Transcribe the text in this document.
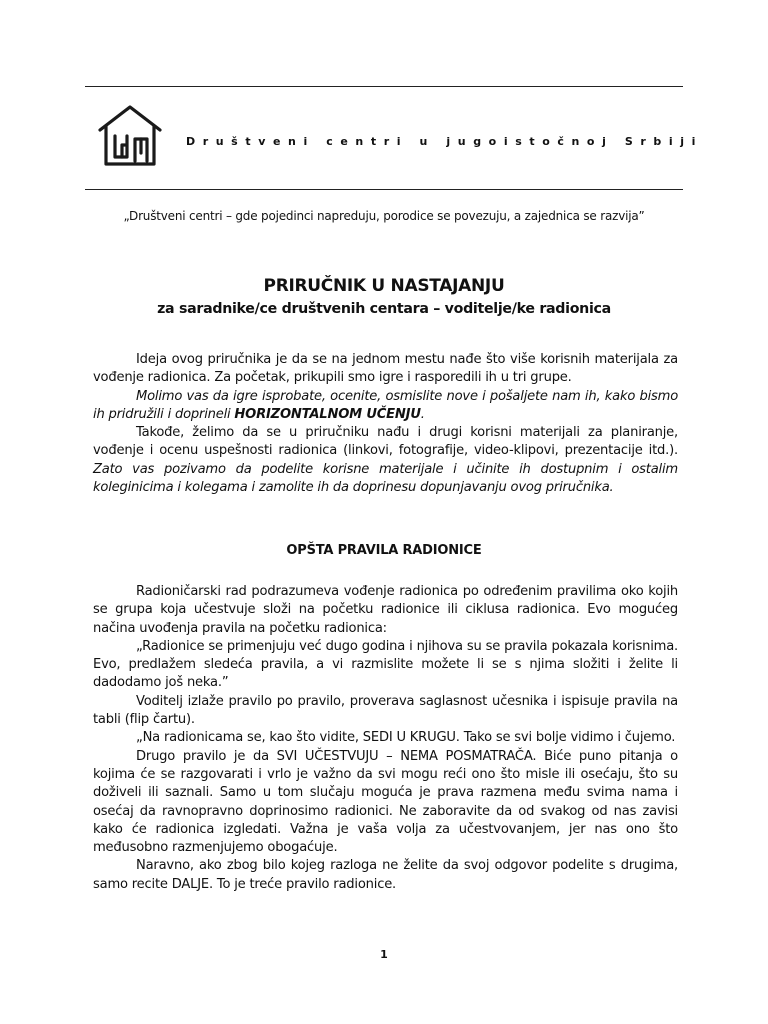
Društveni centri u jugoistočnoj Srbiji
„Društveni centri – gde pojedinci napreduju, porodice se povezuju, a zajednica se razvija”
PRIRUČNIK U NASTAJANJU
za saradnike/ce društvenih centara – voditelje/ke radionica

Ideja ovog priručnika je da se na jednom mestu nađe što više korisnih materijala za vođenje radionica. Za početak, prikupili smo igre i rasporedili ih u tri grupe.

Molimo vas da igre isprobate, ocenite, osmislite nove i pošaljete nam ih, kako bismo ih pridružili i doprineli HORIZONTALNOM UČENJU.

Takođe, želimo da se u priručniku nađu i drugi korisni materijali za planiranje, vođenje i ocenu uspešnosti radionica (linkovi, fotografije, video-klipovi, prezentacije itd.). Zato vas pozivamo da podelite korisne materijale i učinite ih dostupnim i ostalim koleginicima i kolegama i zamolite ih da doprinesu dopunjavanju ovog priručnika.

OPŠTA PRAVILA RADIONICE

Radioničarski rad podrazumeva vođenje radionica po određenim pravilima oko kojih se grupa koja učestvuje složi na početku radionice ili ciklusa radionica. Evo mogućeg načina uvođenja pravila na početku radionica:

„Radionice se primenjuju već dugo godina i njihova su se pravila pokazala korisnima. Evo, predlažem sledeća pravila, a vi razmislite možete li se s njima složiti i želite li dadodamo još neka.”

Voditelj izlaže pravilo po pravilo, proverava saglasnost učesnika i ispisuje pravila na tabli (flip čartu).

„Na radionicama se, kao što vidite, SEDI U KRUGU. Tako se svi bolje vidimo i čujemo.

Drugo pravilo je da SVI UČESTVUJU – NEMA POSMATRAČA. Biće puno pitanja o kojima će se razgovarati i vrlo je važno da svi mogu reći ono što misle ili osećaju, što su doživeli ili saznali. Samo u tom slučaju moguća je prava razmena među svima nama i osećaj da ravnopravno doprinosimo radionici. Ne zaboravite da od svakog od nas zavisi kako će radionica izgledati. Važna je vaša volja za učestvovanjem, jer nas ono što međusobno razmenjujemo obogaćuje.

Naravno, ako zbog bilo kojeg razloga ne želite da svoj odgovor podelite s drugima, samo recite DALJE. To je treće pravilo radionice.

1
